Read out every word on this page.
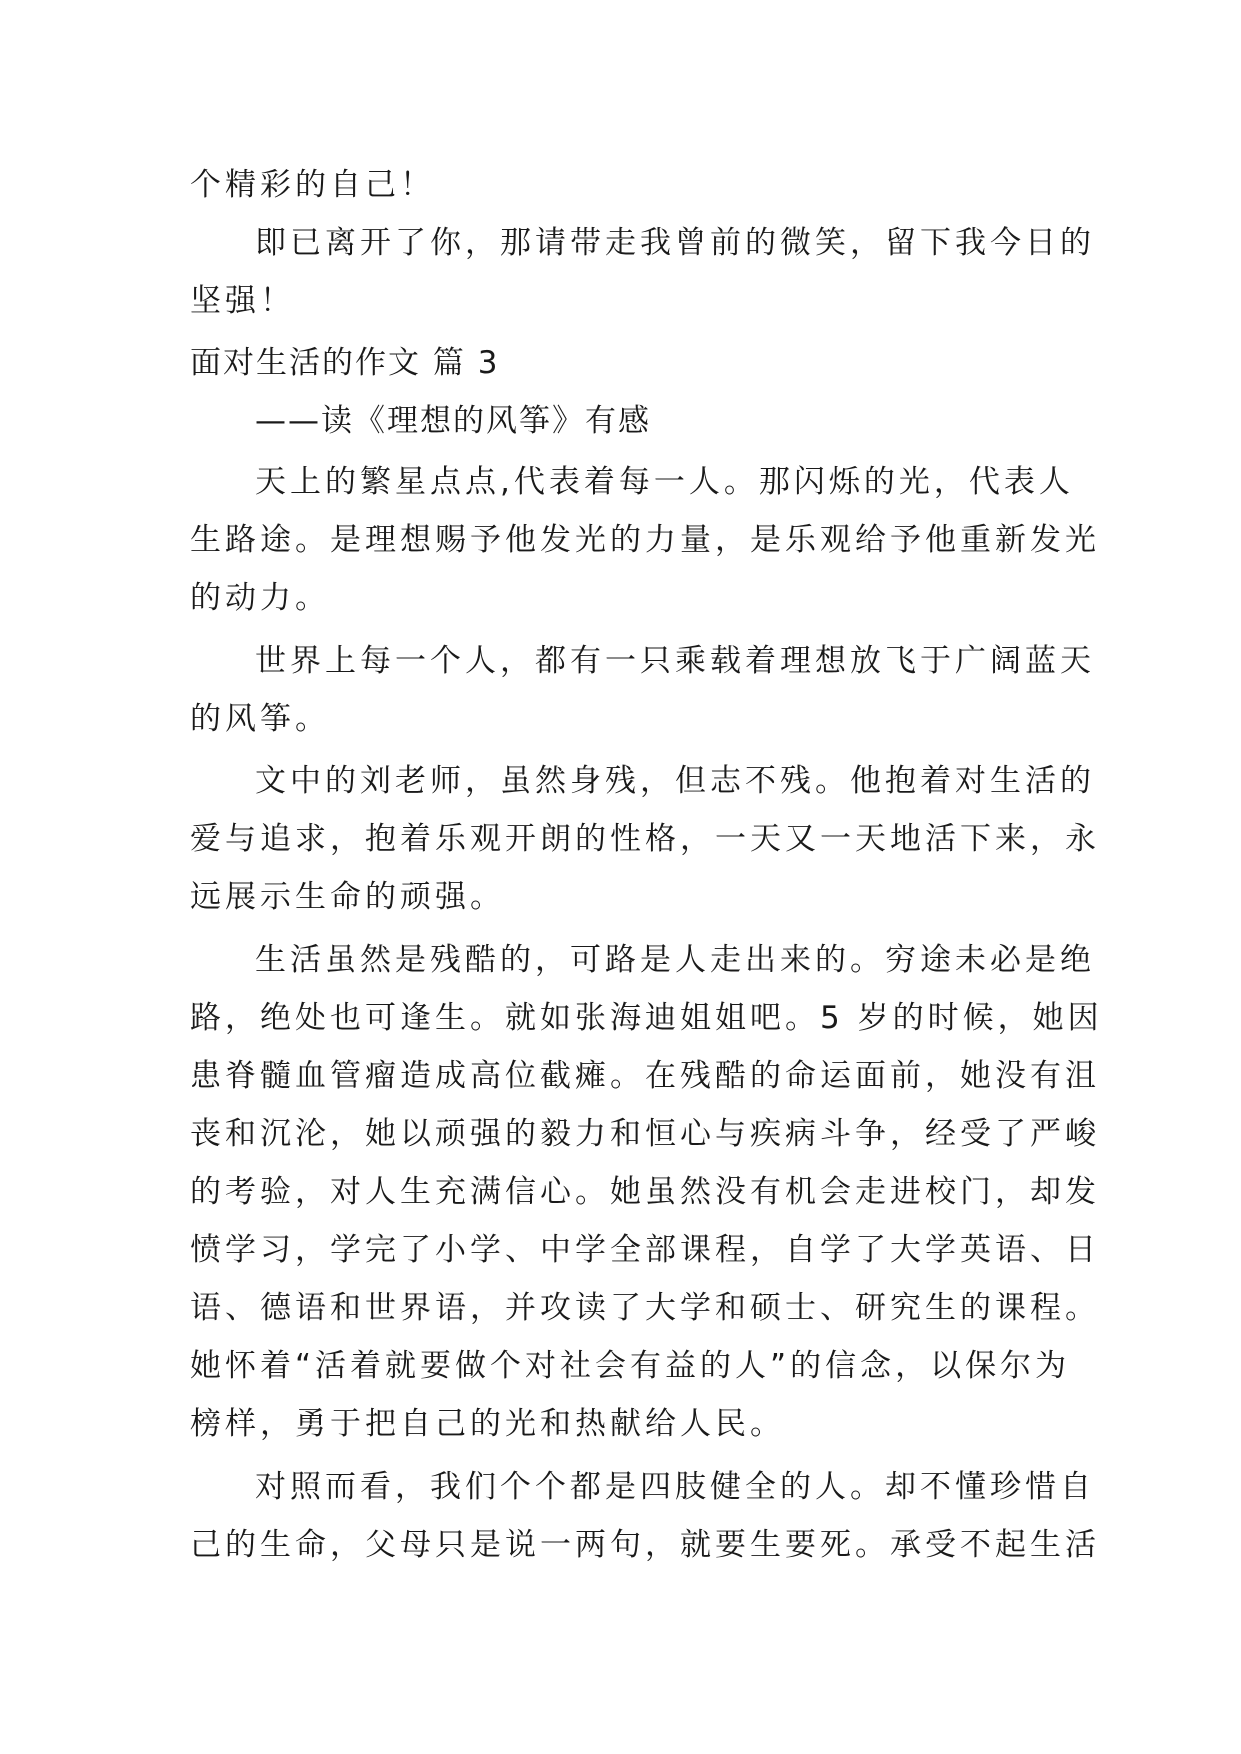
个精彩的自己！
即已离开了你，那请带走我曾前的微笑，留下我今日的
坚强！
面对生活的作文 篇 3
——读《理想的风筝》有感
天上的繁星点点,代表着每一人。那闪烁的光，代表人
生路途。是理想赐予他发光的力量，是乐观给予他重新发光
的动力。
世界上每一个人，都有一只乘载着理想放飞于广阔蓝天
的风筝。
文中的刘老师，虽然身残，但志不残。他抱着对生活的
爱与追求，抱着乐观开朗的性格，一天又一天地活下来，永
远展示生命的顽强。
生活虽然是残酷的，可路是人走出来的。穷途未必是绝
路，绝处也可逢生。就如张海迪姐姐吧。5 岁的时候，她因
患脊髓血管瘤造成高位截瘫。在残酷的命运面前，她没有沮
丧和沉沦，她以顽强的毅力和恒心与疾病斗争，经受了严峻
的考验，对人生充满信心。她虽然没有机会走进校门，却发
愤学习，学完了小学、中学全部课程，自学了大学英语、日
语、德语和世界语，并攻读了大学和硕士、研究生的课程。
她怀着“活着就要做个对社会有益的人”的信念，以保尔为
榜样，勇于把自己的光和热献给人民。
对照而看，我们个个都是四肢健全的人。却不懂珍惜自
己的生命，父母只是说一两句，就要生要死。承受不起生活
